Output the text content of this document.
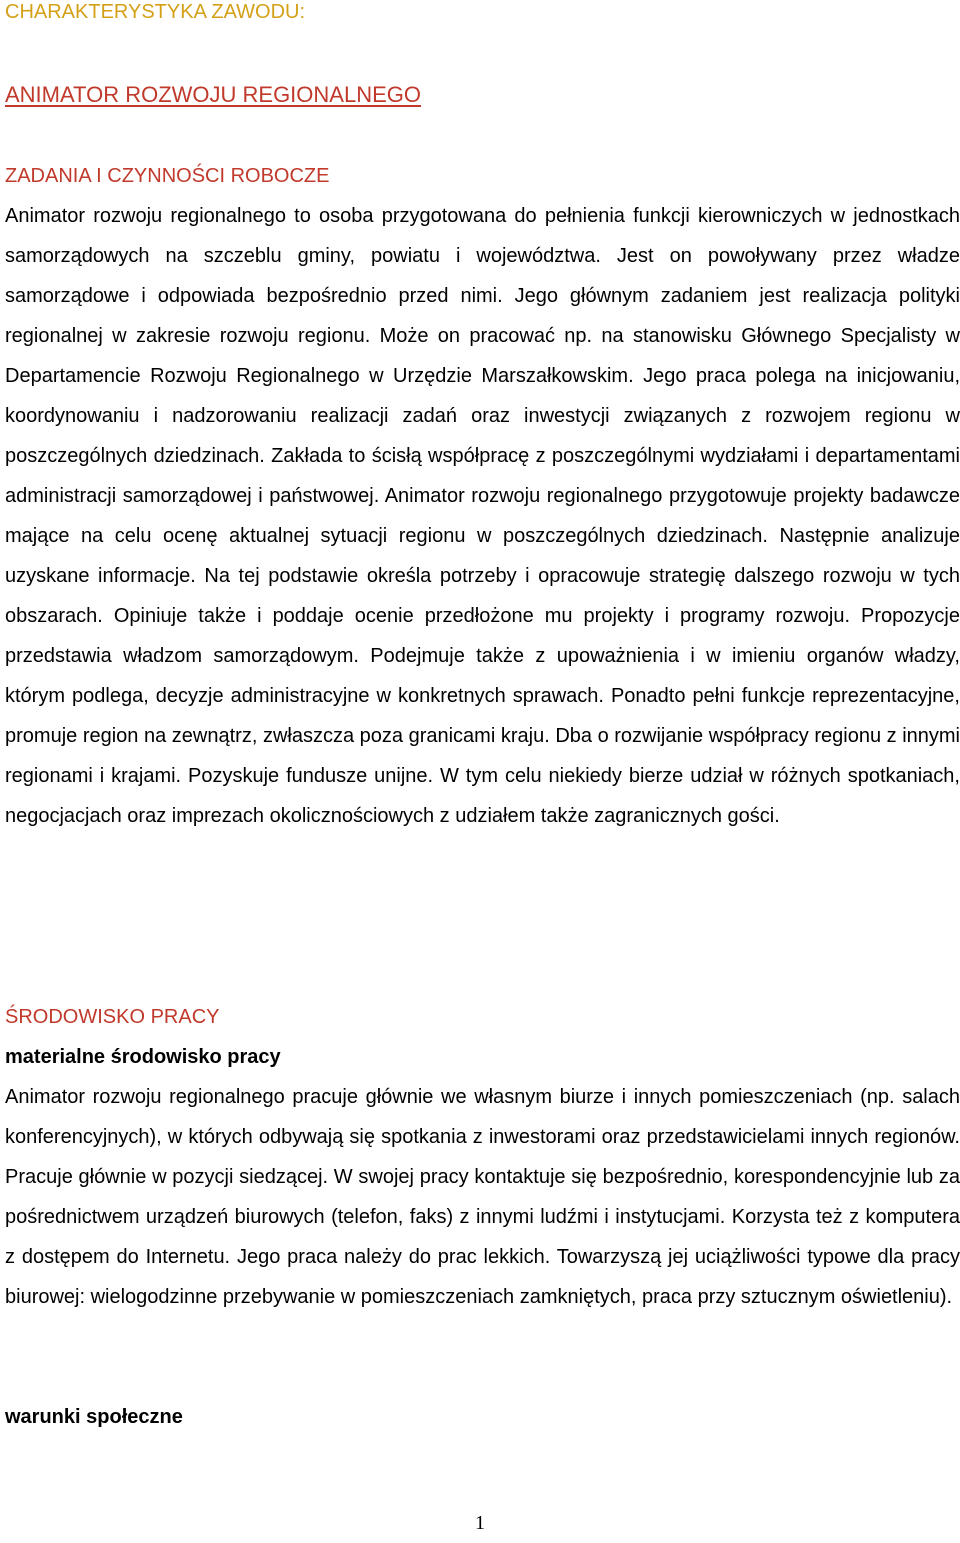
CHARAKTERYSTYKA ZAWODU:
ANIMATOR ROZWOJU REGIONALNEGO
ZADANIA I CZYNNOŚCI ROBOCZE

Animator rozwoju regionalnego to osoba przygotowana do pełnienia funkcji kierowniczych w jednostkach samorządowych na szczeblu gminy, powiatu i województwa. Jest on powoływany przez władze samorządowe i odpowiada bezpośrednio przed nimi. Jego głównym zadaniem jest realizacja polityki regionalnej w zakresie rozwoju regionu. Może on pracować np. na stanowisku Głównego Specjalisty w Departamencie Rozwoju Regionalnego w Urzędzie Marszałkowskim. Jego praca polega na inicjowaniu, koordynowaniu i nadzorowaniu realizacji zadań oraz inwestycji związanych z rozwojem regionu w poszczególnych dziedzinach. Zakłada to ścisłą współpracę z poszczególnymi wydziałami i departamentami administracji samorządowej i państwowej. Animator rozwoju regionalnego przygotowuje projekty badawcze mające na celu ocenę aktualnej sytuacji regionu w poszczególnych dziedzinach. Następnie analizuje uzyskane informacje. Na tej podstawie określa potrzeby i opracowuje strategię dalszego rozwoju w tych obszarach. Opiniuje także i poddaje ocenie przedłożone mu projekty i programy rozwoju. Propozycje przedstawia władzom samorządowym. Podejmuje także z upoważnienia i w imieniu organów władzy, którym podlega, decyzje administracyjne w konkretnych sprawach. Ponadto pełni funkcje reprezentacyjne, promuje region na zewnątrz, zwłaszcza poza granicami kraju. Dba o rozwijanie współpracy regionu z innymi regionami i krajami. Pozyskuje fundusze unijne. W tym celu niekiedy bierze udział w różnych spotkaniach, negocjacjach oraz imprezach okolicznościowych z udziałem także zagranicznych gości.

ŚRODOWISKO PRACY
materialne środowisko pracy

Animator rozwoju regionalnego pracuje głównie we własnym biurze i innych pomieszczeniach (np. salach konferencyjnych), w których odbywają się spotkania z inwestorami oraz przedstawicielami innych regionów. Pracuje głównie w pozycji siedzącej. W swojej pracy kontaktuje się bezpośrednio, korespondencyjnie lub za pośrednictwem urządzeń biurowych (telefon, faks) z innymi ludźmi i instytucjami. Korzysta też z komputera z dostępem do Internetu. Jego praca należy do prac lekkich. Towarzyszą jej uciążliwości typowe dla pracy biurowej: wielogodzinne przebywanie w pomieszczeniach zamkniętych, praca przy sztucznym oświetleniu).

warunki społeczne
1
